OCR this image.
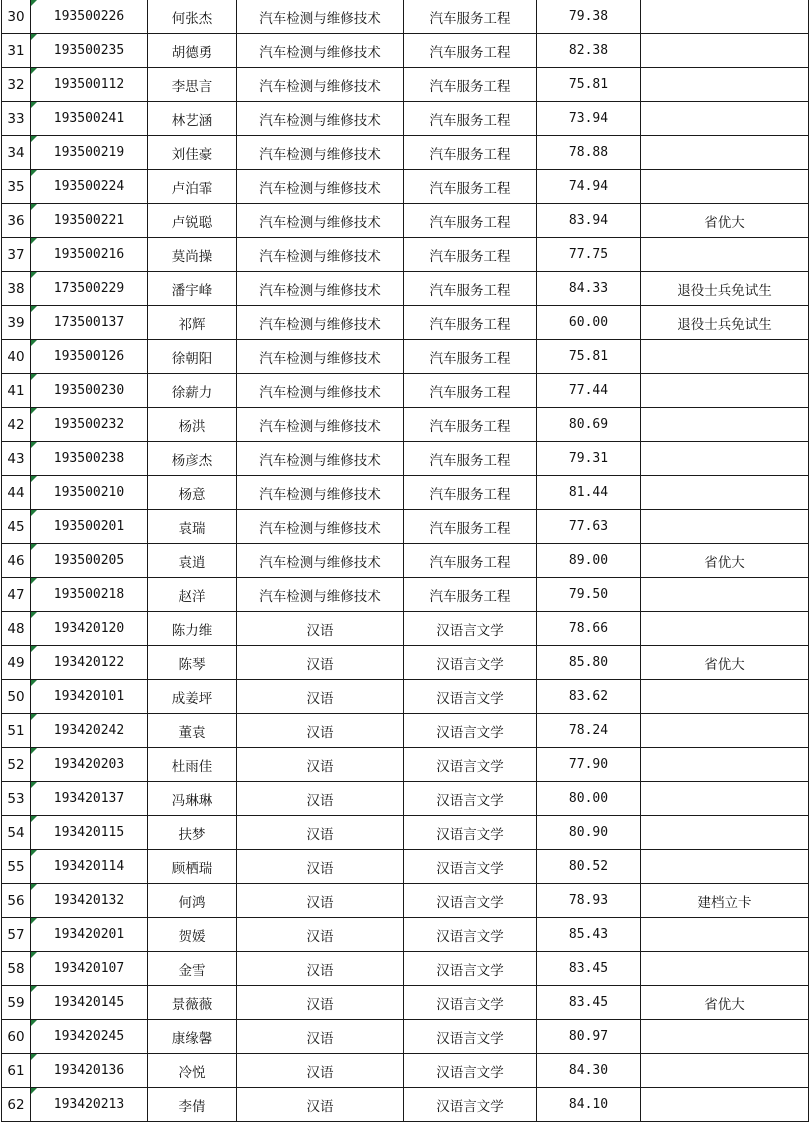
30	193500226	何张杰	汽车检测与维修技术	汽车服务工程	79.38	
31	193500235	胡德勇	汽车检测与维修技术	汽车服务工程	82.38	
32	193500112	李思言	汽车检测与维修技术	汽车服务工程	75.81	
33	193500241	林艺涵	汽车检测与维修技术	汽车服务工程	73.94	
34	193500219	刘佳豪	汽车检测与维修技术	汽车服务工程	78.88	
35	193500224	卢泊霏	汽车检测与维修技术	汽车服务工程	74.94	
36	193500221	卢锐聪	汽车检测与维修技术	汽车服务工程	83.94	省优大
37	193500216	莫尚操	汽车检测与维修技术	汽车服务工程	77.75	
38	173500229	潘宇峰	汽车检测与维修技术	汽车服务工程	84.33	退役士兵免试生
39	173500137	祁辉	汽车检测与维修技术	汽车服务工程	60.00	退役士兵免试生
40	193500126	徐朝阳	汽车检测与维修技术	汽车服务工程	75.81	
41	193500230	徐薪力	汽车检测与维修技术	汽车服务工程	77.44	
42	193500232	杨洪	汽车检测与维修技术	汽车服务工程	80.69	
43	193500238	杨彦杰	汽车检测与维修技术	汽车服务工程	79.31	
44	193500210	杨意	汽车检测与维修技术	汽车服务工程	81.44	
45	193500201	袁瑞	汽车检测与维修技术	汽车服务工程	77.63	
46	193500205	袁逍	汽车检测与维修技术	汽车服务工程	89.00	省优大
47	193500218	赵洋	汽车检测与维修技术	汽车服务工程	79.50	
48	193420120	陈力维	汉语	汉语言文学	78.66	
49	193420122	陈琴	汉语	汉语言文学	85.80	省优大
50	193420101	成姜坪	汉语	汉语言文学	83.62	
51	193420242	董袁	汉语	汉语言文学	78.24	
52	193420203	杜雨佳	汉语	汉语言文学	77.90	
53	193420137	冯琳琳	汉语	汉语言文学	80.00	
54	193420115	扶梦	汉语	汉语言文学	80.90	
55	193420114	顾栖瑞	汉语	汉语言文学	80.52	
56	193420132	何鸿	汉语	汉语言文学	78.93	建档立卡
57	193420201	贺媛	汉语	汉语言文学	85.43	
58	193420107	金雪	汉语	汉语言文学	83.45	
59	193420145	景薇薇	汉语	汉语言文学	83.45	省优大
60	193420245	康缘馨	汉语	汉语言文学	80.97	
61	193420136	冷悦	汉语	汉语言文学	84.30	
62	193420213	李倩	汉语	汉语言文学	84.10	
